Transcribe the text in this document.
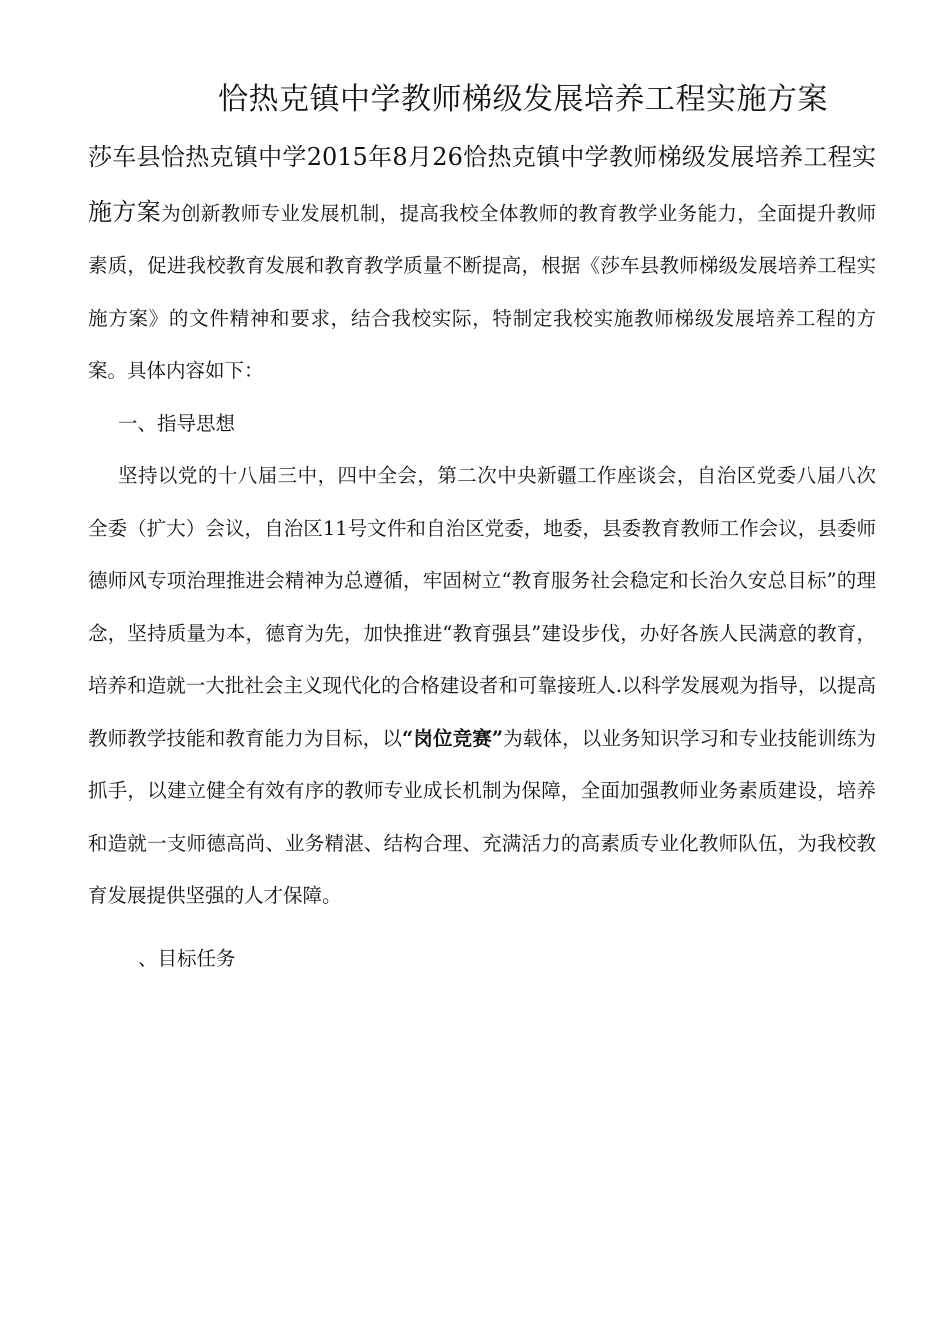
恰热克镇中学教师梯级发展培养工程实施方案

莎车县恰热克镇中学2015年8月26恰热克镇中学教师梯级发展培养工程实施方案为创新教师专业发展机制，提高我校全体教师的教育教学业务能力，全面提升教师素质，促进我校教育发展和教育教学质量不断提高，根据《莎车县教师梯级发展培养工程实施方案》的文件精神和要求，结合我校实际，特制定我校实施教师梯级发展培养工程的方案。具体内容如下：

一、指导思想

坚持以党的十八届三中，四中全会，第二次中央新疆工作座谈会，自治区党委八届八次全委（扩大）会议，自治区11号文件和自治区党委，地委，县委教育教师工作会议，县委师德师风专项治理推进会精神为总遵循，牢固树立“教育服务社会稳定和长治久安总目标”的理念，坚持质量为本，德育为先，加快推进“教育强县”建设步伐，办好各族人民满意的教育，培养和造就一大批社会主义现代化的合格建设者和可靠接班人.以科学发展观为指导，以提高教师教学技能和教育能力为目标，以“岗位竞赛”为载体，以业务知识学习和专业技能训练为抓手，以建立健全有效有序的教师专业成长机制为保障，全面加强教师业务素质建设，培养和造就一支师德高尚、业务精湛、结构合理、充满活力的高素质专业化教师队伍，为我校教育发展提供坚强的人才保障。

、目标任务
